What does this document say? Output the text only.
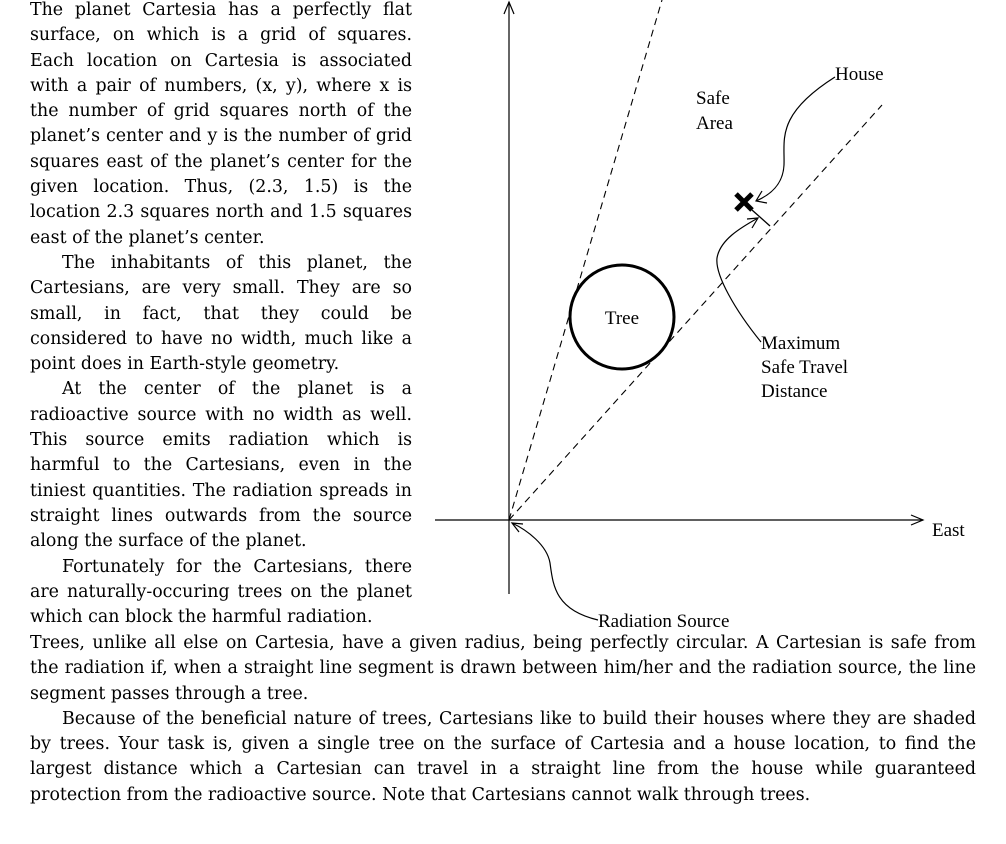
The planet Cartesia has a perfectly flat surface, on which is a grid of squares. Each location on Cartesia is associated with a pair of numbers, (x, y), where x is the number of grid squares north of the planet’s center and y is the number of grid squares east of the planet’s center for the given location. Thus, (2.3, 1.5) is the location 2.3 squares north and 1.5 squares east of the planet’s center.

The inhabitants of this planet, the Cartesians, are very small. They are so small, in fact, that they could be considered to have no width, much like a point does in Earth-style geometry.

At the center of the planet is a radioactive source with no width as well. This source emits radiation which is harmful to the Cartesians, even in the tiniest quantities. The radiation spreads in straight lines outwards from the source along the surface of the planet.

Fortunately for the Cartesians, there are naturally-occuring trees on the planet which can block the harmful radiation.

Tree
Safe
Area
House
Maximum
Safe Travel
Distance
East
Radiation Source

Trees, unlike all else on Cartesia, have a given radius, being perfectly circular. A Cartesian is safe from the radiation if, when a straight line segment is drawn between him/her and the radiation source, the line segment passes through a tree.

Because of the beneficial nature of trees, Cartesians like to build their houses where they are shaded by trees. Your task is, given a single tree on the surface of Cartesia and a house location, to find the largest distance which a Cartesian can travel in a straight line from the house while guaranteed protection from the radioactive source. Note that Cartesians cannot walk through trees.
